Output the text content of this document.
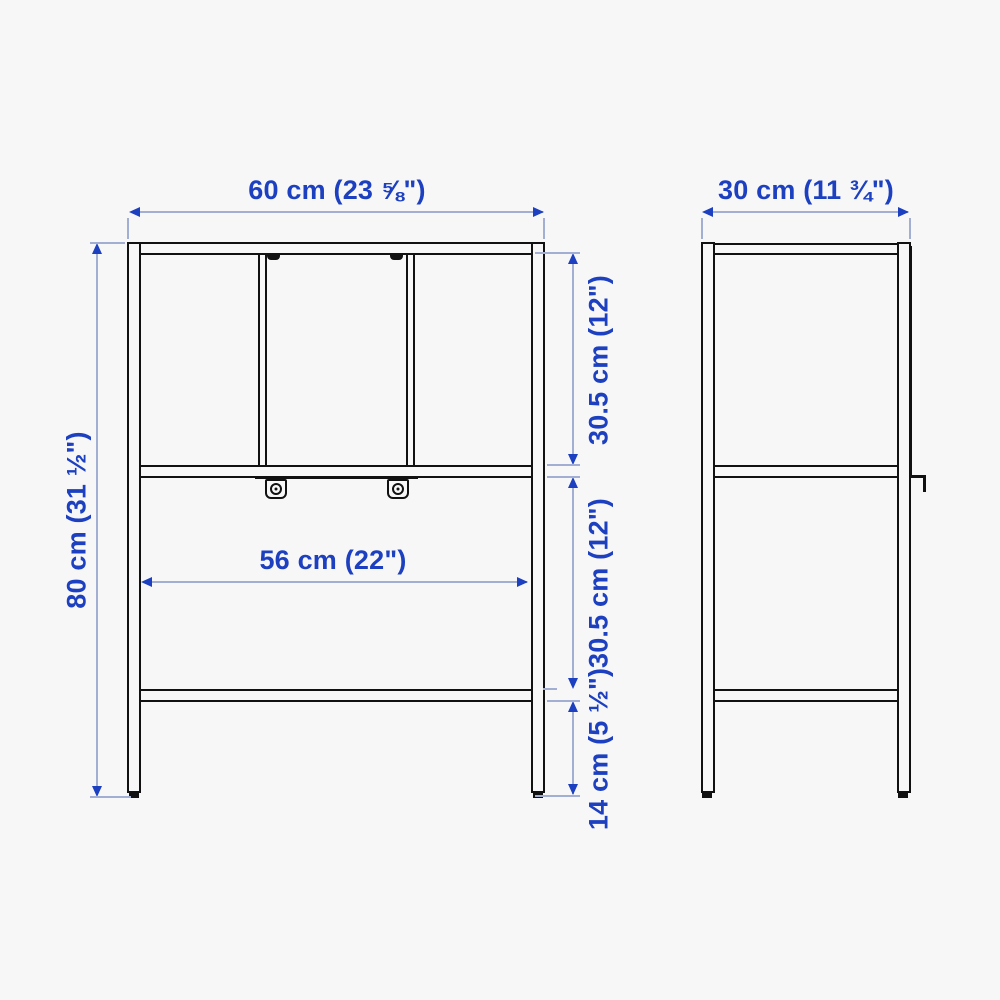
60 cm (23 ⅝")
80 cm (31 ½")
30.5 cm (12")
30.5 cm (12")
14 cm (5 ½")
56 cm (22")
30 cm (11 ¾")
